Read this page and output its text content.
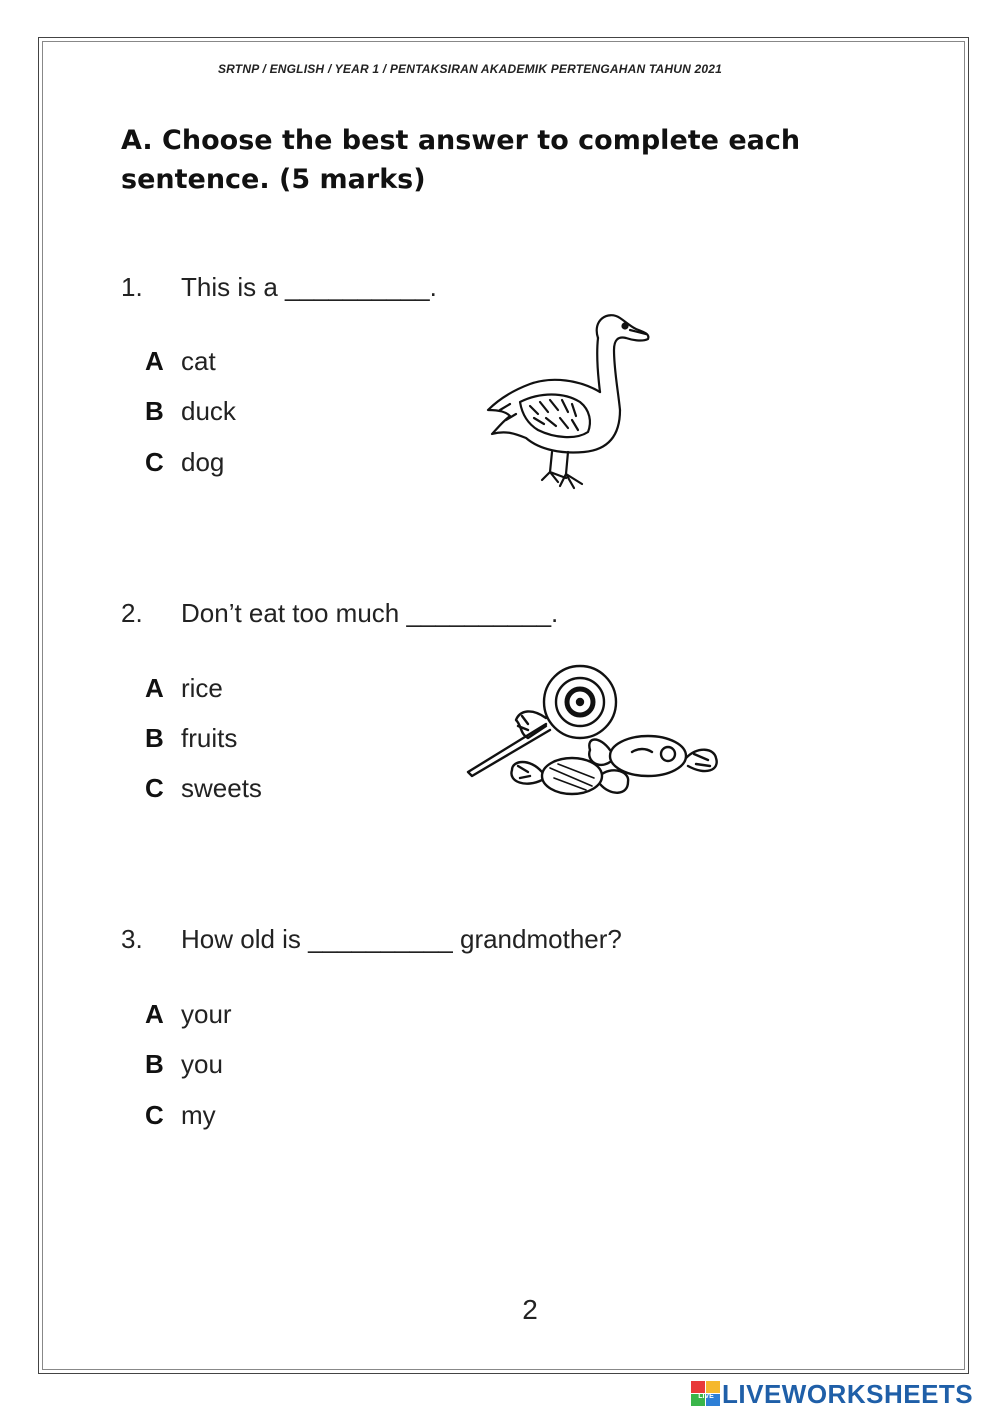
SRTNP / ENGLISH / YEAR 1 / PENTAKSIRAN AKADEMIK PERTENGAHAN TAHUN 2021
A. Choose the best answer to complete each sentence. (5 marks)
1. This is a __________.
A cat
B duck
C dog
2. Don’t eat too much __________.
A rice
B fruits
C sweets
3. How old is __________ grandmother?
A your
B you
C my
2
LIVE LIVEWORKSHEETS
